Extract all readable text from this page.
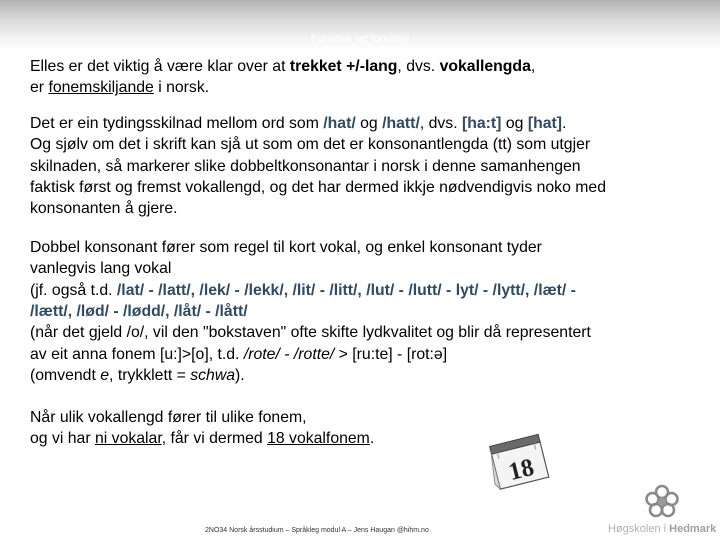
Fonetikk og fonologi

Elles er det viktig å være klar over at trekket +/-lang, dvs. vokallengda,
er fonemskiljande i norsk.

Det er ein tydingsskilnad mellom ord som /hat/ og /hatt/, dvs. [ha:t] og [hat].
Og sjølv om det i skrift kan sjå ut som om det er konsonantlengda (tt) som utgjer
skilnaden, så markerer slike dobbeltkonsonantar i norsk i denne samanhengen
faktisk først og fremst vokallengd, og det har dermed ikkje nødvendigvis noko med
konsonanten å gjere.

Dobbel konsonant fører som regel til kort vokal, og enkel konsonant tyder
vanlegvis lang vokal
(jf. også t.d. /lat/ - /latt/, /lek/ - /lekk/, /lit/ - /litt/, /lut/ - /lutt/ - lyt/ - /lytt/, /læt/ -
/lætt/, /lød/ - /lødd/, /låt/ - /lått/
(når det gjeld /o/, vil den "bokstaven" ofte skifte lydkvalitet og blir då representert
av eit anna fonem [u:]>[o], t.d. /rote/ - /rotte/ > [ru:te] - [rot:ə]
(omvendt e, trykklett = schwa).

Når ulik vokallengd fører til ulike fonem,
og vi har ni vokalar, får vi dermed 18 vokalfonem.

18
2NO34 Norsk årsstudium – Språkleg modul A – Jens Haugan @hihm.no	Høgskolen i Hedmark
